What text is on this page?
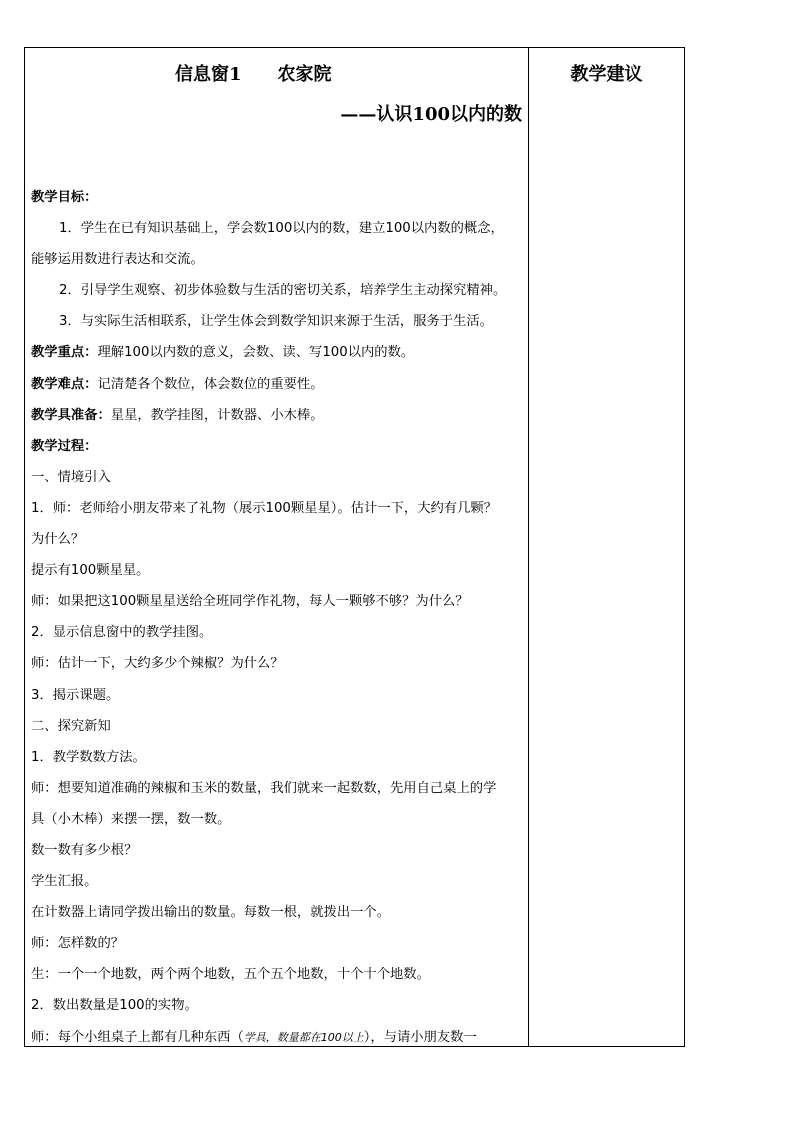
信息窗1　　农家院
——认识100以内的数

教学目标：

1．学生在已有知识基础上，学会数100以内的数，建立100以内数的概念，

能够运用数进行表达和交流。

2．引导学生观察、初步体验数与生活的密切关系，培养学生主动探究精神。

3．与实际生活相联系，让学生体会到数学知识来源于生活，服务于生活。

教学重点：理解100以内数的意义，会数、读、写100以内的数。

教学难点：记清楚各个数位，体会数位的重要性。

教学具准备：星星，教学挂图，计数器、小木棒。

教学过程：

一、情境引入

1．师：老师给小朋友带来了礼物（展示100颗星星）。估计一下，大约有几颗？

为什么？

提示有100颗星星。

师：如果把这100颗星星送给全班同学作礼物，每人一颗够不够？为什么？

2．显示信息窗中的教学挂图。

师：估计一下，大约多少个辣椒？为什么？

3．揭示课题。

二、探究新知

1．教学数数方法。

师：想要知道准确的辣椒和玉米的数量，我们就来一起数数，先用自己桌上的学

具（小木棒）来摆一摆，数一数。

数一数有多少根？

学生汇报。

在计数器上请同学拨出输出的数量。每数一根，就拨出一个。

师：怎样数的？

生：一个一个地数，两个两个地数，五个五个地数，十个十个地数。

2．数出数量是100的实物。

师：每个小组桌子上都有几种东西（学具，数量都在100以上），与请小朋友数一

教学建议
